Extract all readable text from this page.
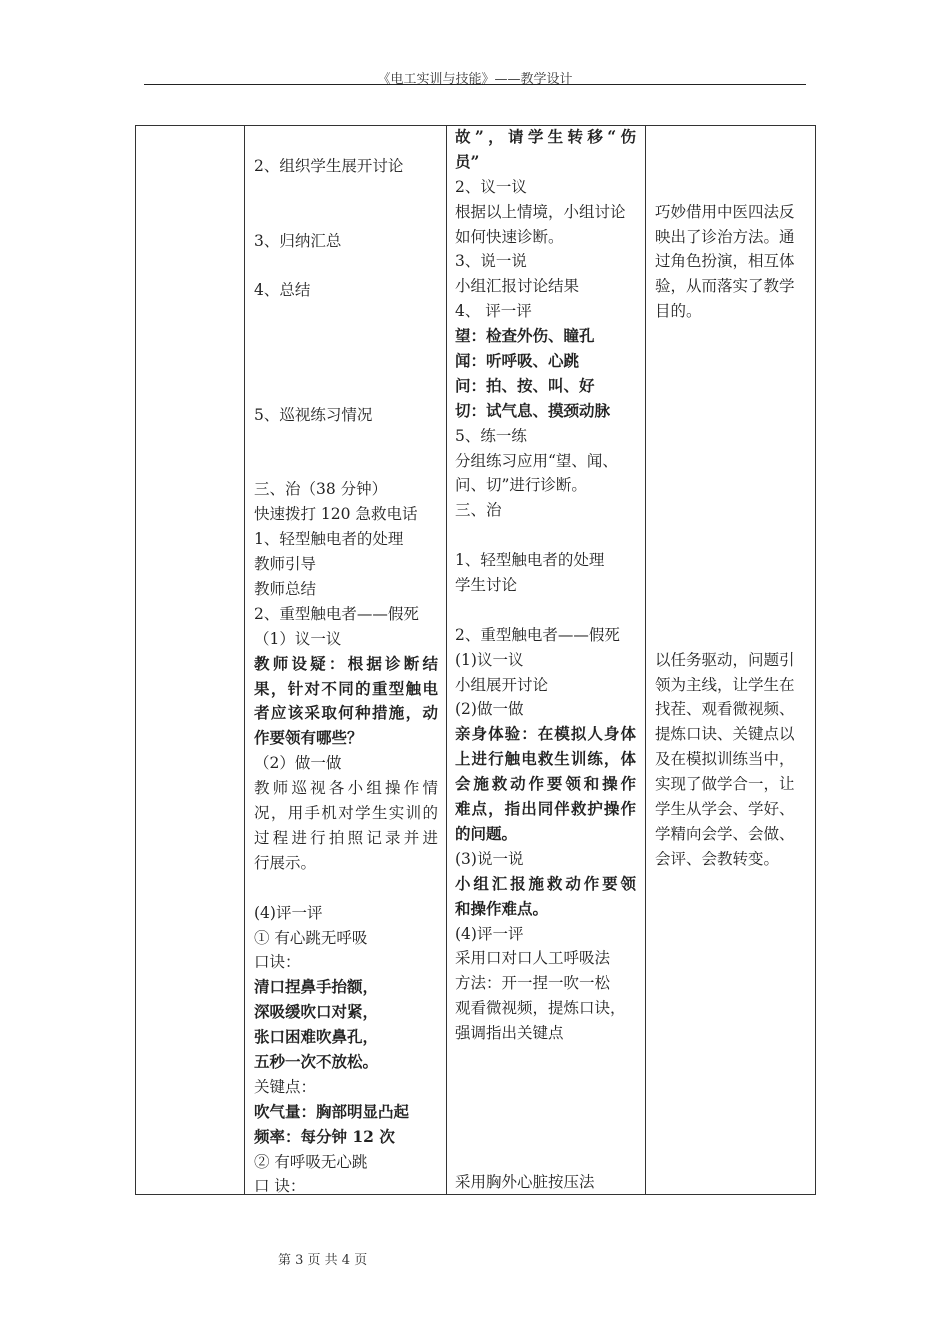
《电工实训与技能》——教学设计
2、组织学生展开讨论
3、归纳汇总
4、总结
5、巡视练习情况
三、治（38 分钟）
快速拨打 120 急救电话
1、轻型触电者的处理
教师引导
教师总结
2、重型触电者——假死
（1）议一议
教师设疑：根据诊断结
果，针对不同的重型触电
者应该采取何种措施，动
作要领有哪些？
（2）做一做
教师巡视各小组操作情
况，用手机对学生实训的
过程进行拍照记录并进
行展示。
(4)评一评
① 有心跳无呼吸
口诀：
清口捏鼻手抬额，
深吸缓吹口对紧，
张口困难吹鼻孔，
五秒一次不放松。
关键点：
吹气量：胸部明显凸起
频率：每分钟 12 次
② 有呼吸无心跳
口 诀：
故”，请学生转移“伤
员”
2、议一议
根据以上情境，小组讨论
如何快速诊断。
3、说一说
小组汇报讨论结果
4、 评一评
望：检查外伤、瞳孔
闻：听呼吸、心跳
问：拍、按、叫、好
切：试气息、摸颈动脉
5、练一练
分组练习应用“望、闻、
问、切”进行诊断。
三、治
1、轻型触电者的处理
学生讨论
2、重型触电者——假死
(1)议一议
小组展开讨论
(2)做一做
亲身体验：在模拟人身体
上进行触电救生训练，体
会施救动作要领和操作
难点，指出同伴救护操作
的问题。
(3)说一说
小组汇报施救动作要领
和操作难点。
(4)评一评
采用口对口人工呼吸法
方法：开一捏一吹一松
观看微视频，提炼口诀，
强调指出关键点
采用胸外心脏按压法
巧妙借用中医四法反
映出了诊治方法。通
过角色扮演，相互体
验，从而落实了教学
目的。
以任务驱动，问题引
领为主线，让学生在
找茬、观看微视频、
提炼口诀、关键点以
及在模拟训练当中，
实现了做学合一，让
学生从学会、学好、
学精向会学、会做、
会评、会教转变。
第 3 页 共 4 页
